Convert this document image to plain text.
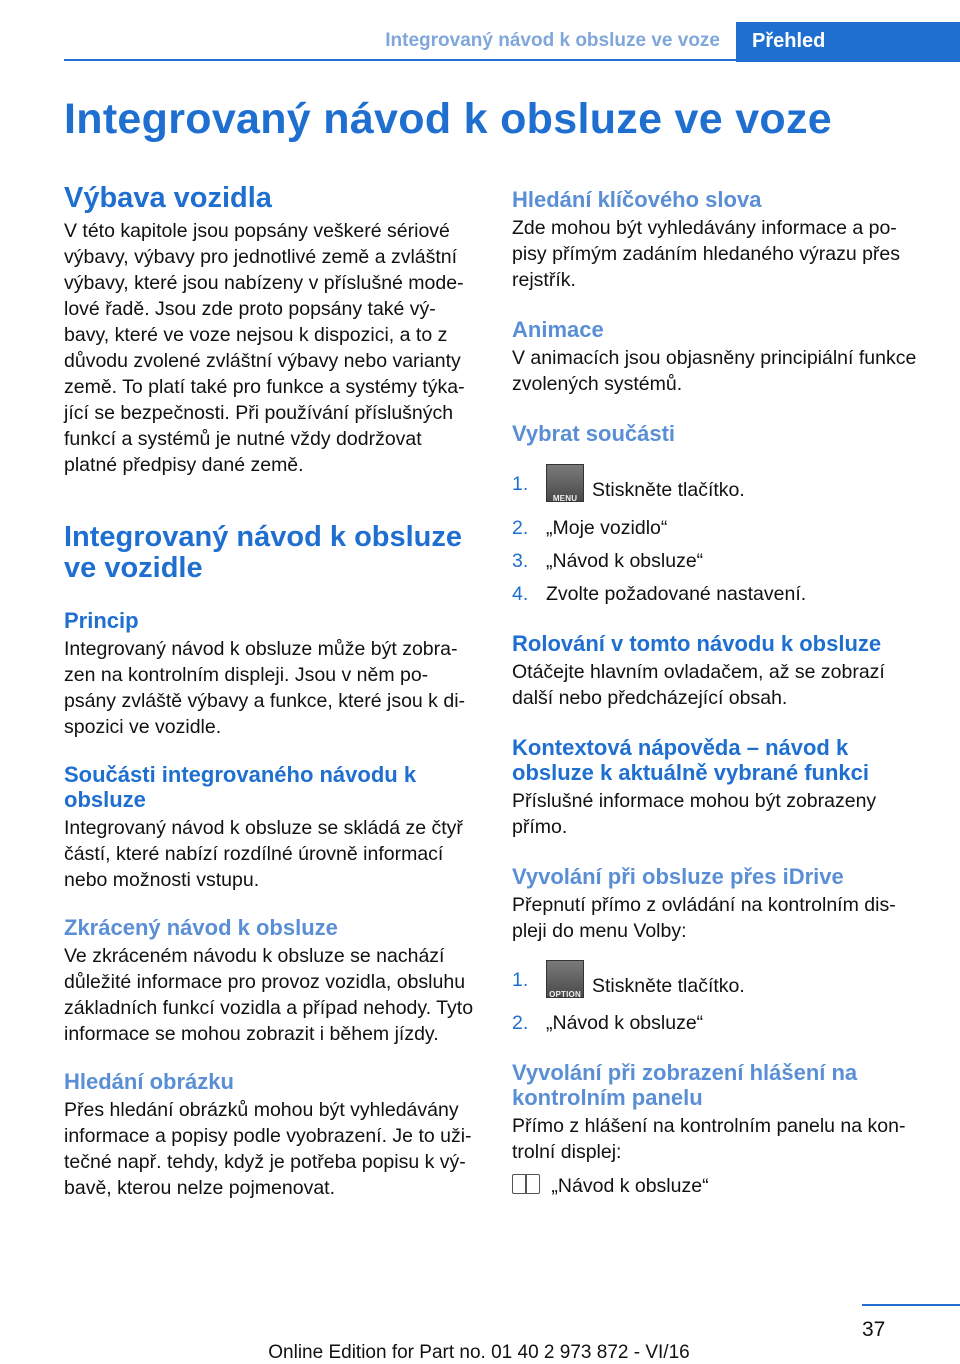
Integrovaný návod k obsluze ve voze Přehled
Integrovaný návod k obsluze ve voze
Výbava vozidla

V této kapitole jsou popsány veškeré sériové
výbavy, výbavy pro jednotlivé země a zvláštní
výbavy, které jsou nabízeny v příslušné mode-
lové řadě. Jsou zde proto popsány také vý-
bavy, které ve voze nejsou k dispozici, a to z
důvodu zvolené zvláštní výbavy nebo varianty
země. To platí také pro funkce a systémy týka-
jící se bezpečnosti. Při používání příslušných
funkcí a systémů je nutné vždy dodržovat
platné předpisy dané země.

Integrovaný návod k obsluze
ve vozidle
Princip

Integrovaný návod k obsluze může být zobra-
zen na kontrolním displeji. Jsou v něm po-
psány zvláště výbavy a funkce, které jsou k di-
spozici ve vozidle.

Součásti integrovaného návodu k
obsluze

Integrovaný návod k obsluze se skládá ze čtyř
částí, které nabízí rozdílné úrovně informací
nebo možnosti vstupu.

Zkrácený návod k obsluze

Ve zkráceném návodu k obsluze se nachází
důležité informace pro provoz vozidla, obsluhu
základních funkcí vozidla a případ nehody. Tyto
informace se mohou zobrazit i během jízdy.

Hledání obrázku

Přes hledání obrázků mohou být vyhledávány
informace a popisy podle vyobrazení. Je to uži-
tečné např. tehdy, když je potřeba popisu k vý-
bavě, kterou nelze pojmenovat.

Hledání klíčového slova

Zde mohou být vyhledávány informace a po-
pisy přímým zadáním hledaného výrazu přes
rejstřík.

Animace

V animacích jsou objasněny principiální funkce
zvolených systémů.

Vybrat součásti
1.
MENU Stiskněte tlačítko.
2. „Moje vozidlo“
3. „Návod k obsluze“
4. Zvolte požadované nastavení.
Rolování v tomto návodu k obsluze

Otáčejte hlavním ovladačem, až se zobrazí
další nebo předcházející obsah.

Kontextová nápověda – návod k
obsluze k aktuálně vybrané funkci

Příslušné informace mohou být zobrazeny
přímo.

Vyvolání při obsluze přes iDrive

Přepnutí přímo z ovládání na kontrolním dis-
pleji do menu Volby:

1.
OPTION Stiskněte tlačítko.
2. „Návod k obsluze“
Vyvolání při zobrazení hlášení na
kontrolním panelu

Přímo z hlášení na kontrolním panelu na kon-
trolní displej:

„Návod k obsluze“
37
Online Edition for Part no. 01 40 2 973 872 - VI/16
